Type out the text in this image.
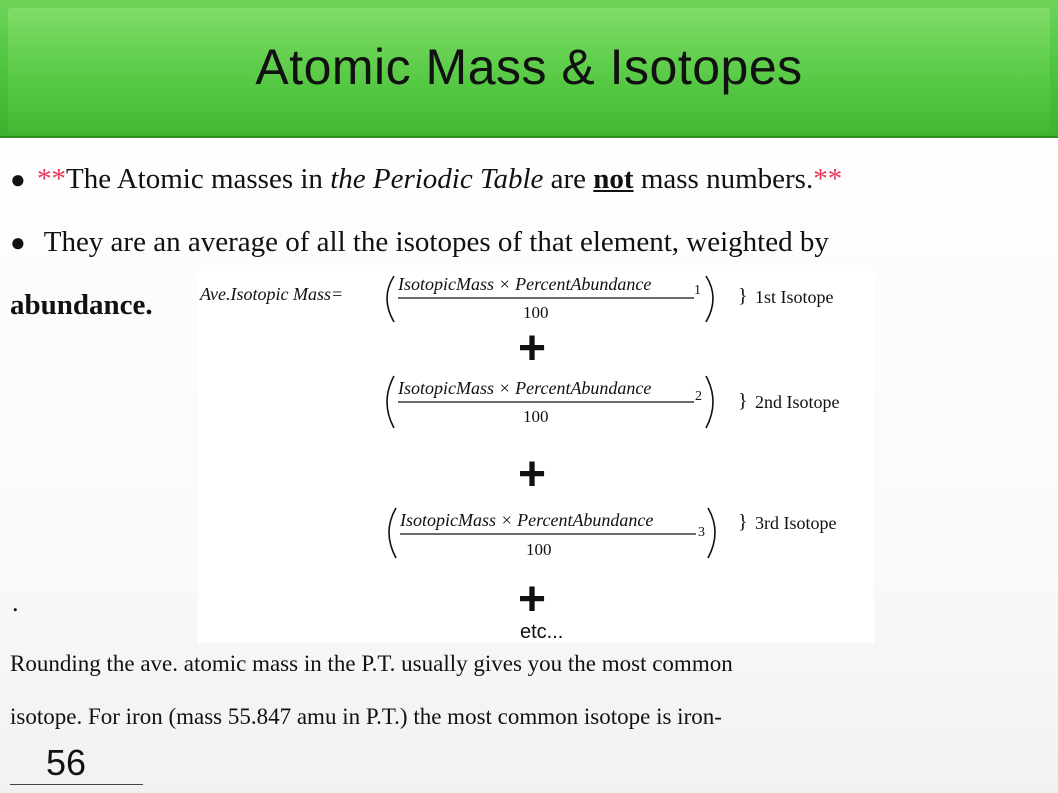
Atomic Mass & Isotopes
● **The Atomic masses in the Periodic Table are not mass numbers.**
● They are an average of all the isotopes of that element, weighted by
abundance.	Ave.Isotopic Mass=	IsotopicMass × PercentAbundance
100
1 } 1st Isotope
+
IsotopicMass × PercentAbundance
100
2 } 2nd Isotope
+
IsotopicMass × PercentAbundance
100
3 } 3rd Isotope
+
etc...
.
Rounding the ave. atomic mass in the P.T. usually gives you the most common
isotope. For iron (mass 55.847 amu in P.T.) the most common isotope is iron-
56
